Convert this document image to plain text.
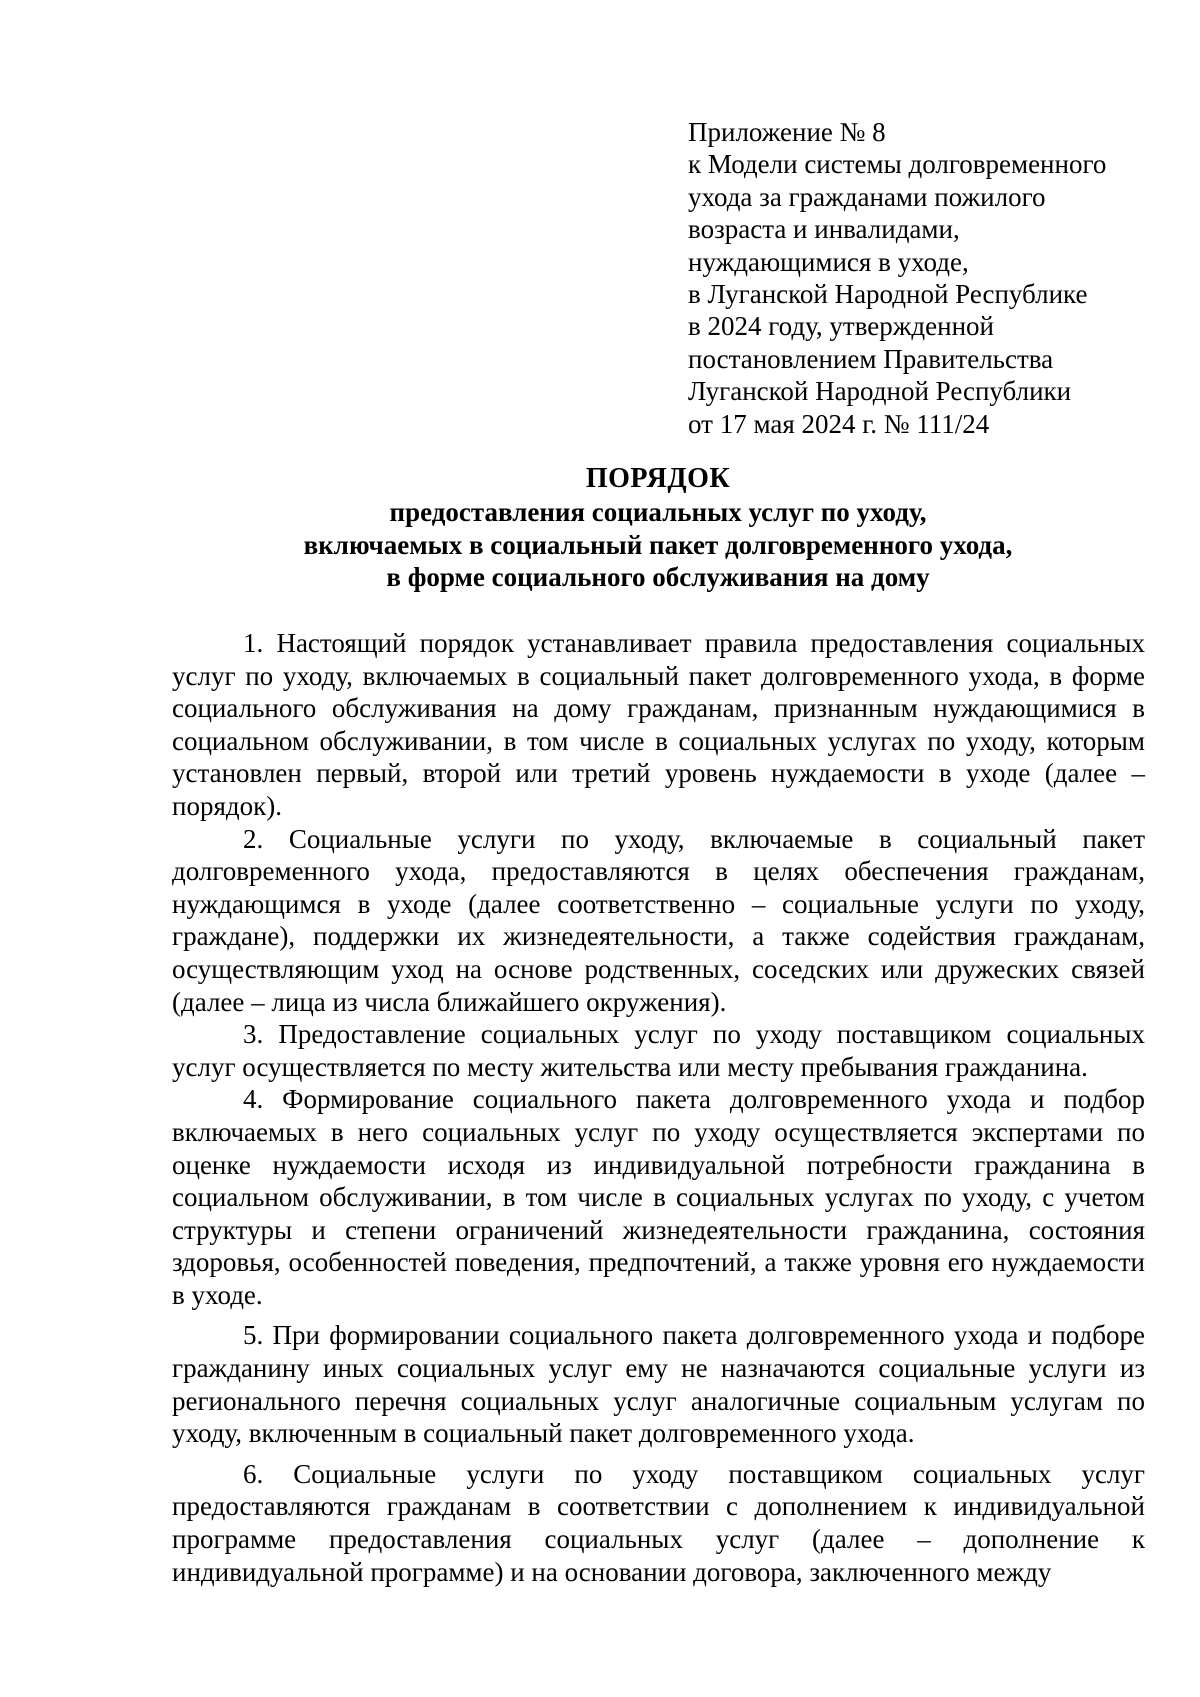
Приложение № 8
к Модели системы долговременного
ухода за гражданами пожилого
возраста и инвалидами,
нуждающимися в уходе,
в Луганской Народной Республике
в 2024 году, утвержденной
постановлением Правительства
Луганской Народной Республики
от 17 мая 2024 г. № 111/24
ПОРЯДОК
предоставления социальных услуг по уходу,
включаемых в социальный пакет долговременного ухода,
в форме социального обслуживания на дому

1. Настоящий порядок устанавливает правила предоставления социальных услуг по уходу, включаемых в социальный пакет долговременного ухода, в форме социального обслуживания на дому гражданам, признанным нуждающимися в социальном обслуживании, в том числе в социальных услугах по уходу, которым установлен первый, второй или третий уровень нуждаемости в уходе (далее – порядок).

2. Социальные услуги по уходу, включаемые в социальный пакет долговременного ухода, предоставляются в целях обеспечения гражданам, нуждающимся в уходе (далее соответственно – социальные услуги по уходу, граждане), поддержки их жизнедеятельности, а также содействия гражданам, осуществляющим уход на основе родственных, соседских или дружеских связей (далее – лица из числа ближайшего окружения).

3. Предоставление социальных услуг по уходу поставщиком социальных услуг осуществляется по месту жительства или месту пребывания гражданина.

4. Формирование социального пакета долговременного ухода и подбор включаемых в него социальных услуг по уходу осуществляется экспертами по оценке нуждаемости исходя из индивидуальной потребности гражданина в социальном обслуживании, в том числе в социальных услугах по уходу, с учетом структуры и степени ограничений жизнедеятельности гражданина, состояния здоровья, особенностей поведения, предпочтений, а также уровня его нуждаемости в уходе.

5. При формировании социального пакета долговременного ухода и подборе гражданину иных социальных услуг ему не назначаются социальные услуги из регионального перечня социальных услуг аналогичные социальным услугам по уходу, включенным в социальный пакет долговременного ухода.

6. Социальные услуги по уходу поставщиком социальных услуг предоставляются гражданам в соответствии с дополнением к индивидуальной программе предоставления социальных услуг (далее – дополнение к индивидуальной программе) и на основании договора, заключенного между
